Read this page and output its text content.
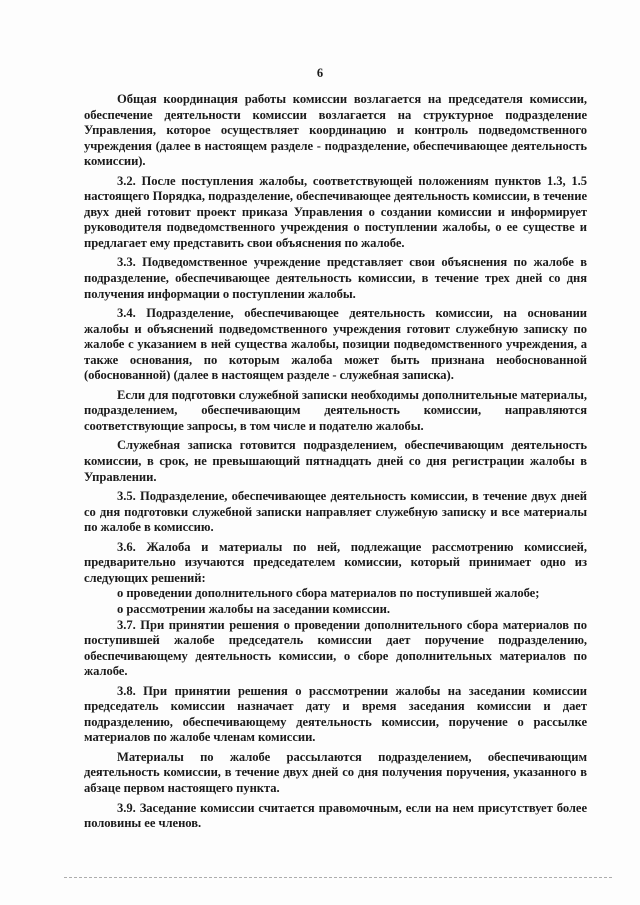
6

Общая координация работы комиссии возлагается на председателя комиссии, обеспечение деятельности комиссии возлагается на структурное подразделение Управления, которое осуществляет координацию и контроль подведомственного учреждения (далее в настоящем разделе - подразделение, обеспечивающее деятельность комиссии).

3.2. После поступления жалобы, соответствующей положениям пунктов 1.3, 1.5 настоящего Порядка, подразделение, обеспечивающее деятельность комиссии, в течение двух дней готовит проект приказа Управления о создании комиссии и информирует руководителя подведомственного учреждения о поступлении жалобы, о ее существе и предлагает ему представить свои объяснения по жалобе.

3.3. Подведомственное учреждение представляет свои объяснения по жалобе в подразделение, обеспечивающее деятельность комиссии, в течение трех дней со дня получения информации о поступлении жалобы.

3.4. Подразделение, обеспечивающее деятельность комиссии, на основании жалобы и объяснений подведомственного учреждения готовит служебную записку по жалобе с указанием в ней существа жалобы, позиции подведомственного учреждения, а также основания, по которым жалоба может быть признана необоснованной (обоснованной) (далее в настоящем разделе - служебная записка).

Если для подготовки служебной записки необходимы дополнительные материалы, подразделением, обеспечивающим деятельность комиссии, направляются соответствующие запросы, в том числе и подателю жалобы.

Служебная записка готовится подразделением, обеспечивающим деятельность комиссии, в срок, не превышающий пятнадцать дней со дня регистрации жалобы в Управлении.

3.5. Подразделение, обеспечивающее деятельность комиссии, в течение двух дней со дня подготовки служебной записки направляет служебную записку и все материалы по жалобе в комиссию.

3.6. Жалоба и материалы по ней, подлежащие рассмотрению комиссией, предварительно изучаются председателем комиссии, который принимает одно из следующих решений:

о проведении дополнительного сбора материалов по поступившей жалобе;

о рассмотрении жалобы на заседании комиссии.

3.7. При принятии решения о проведении дополнительного сбора материалов по поступившей жалобе председатель комиссии дает поручение подразделению, обеспечивающему деятельность комиссии, о сборе дополнительных материалов по жалобе.

3.8. При принятии решения о рассмотрении жалобы на заседании комиссии председатель комиссии назначает дату и время заседания комиссии и дает подразделению, обеспечивающему деятельность комиссии, поручение о рассылке материалов по жалобе членам комиссии.

Материалы по жалобе рассылаются подразделением, обеспечивающим деятельность комиссии, в течение двух дней со дня получения поручения, указанного в абзаце первом настоящего пункта.

3.9. Заседание комиссии считается правомочным, если на нем присутствует более половины ее членов.
